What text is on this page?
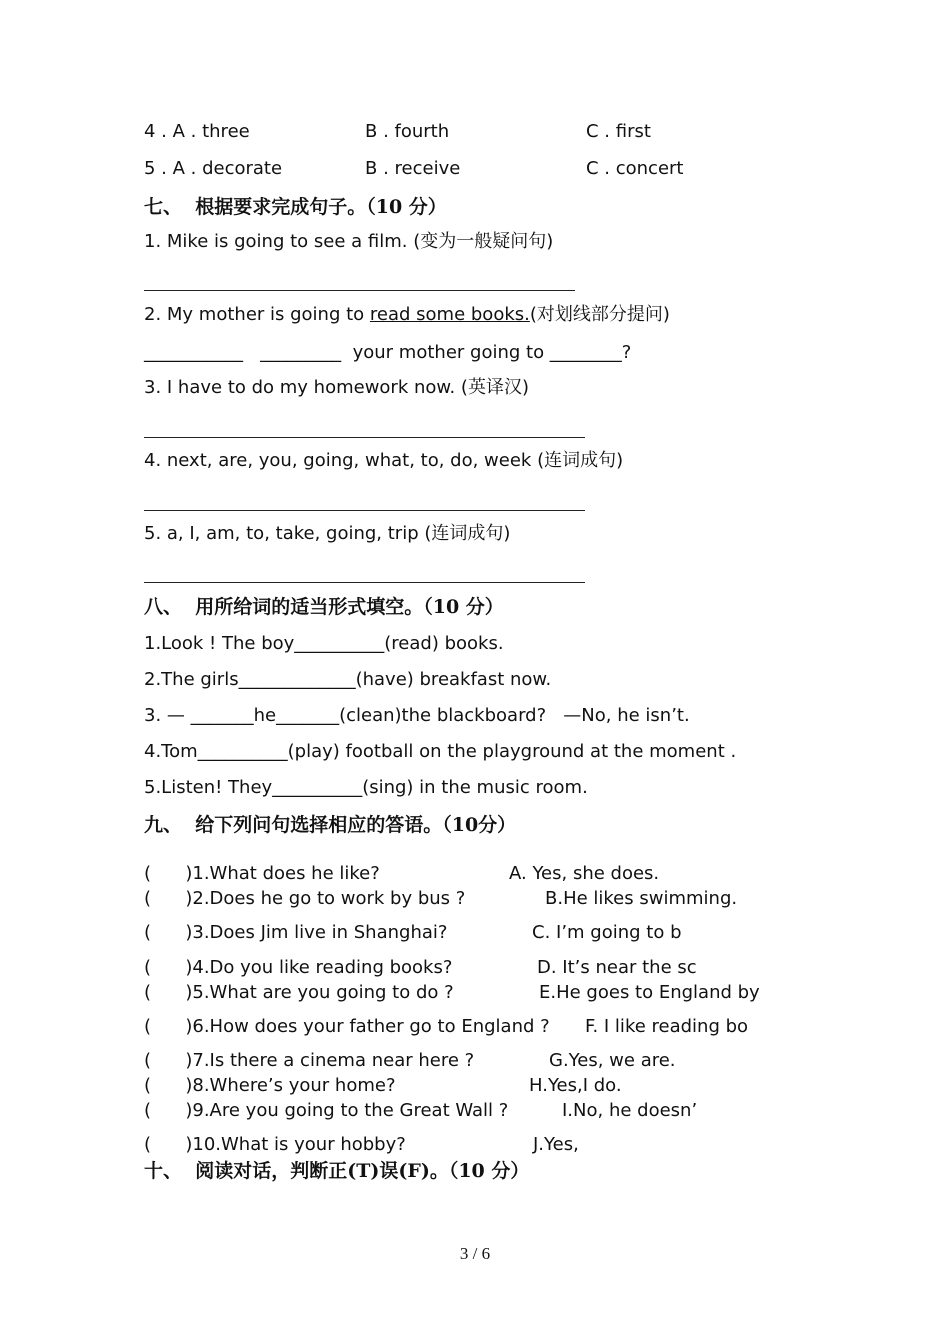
4 . A . three	B . fourth	C . first
5 . A . decorate	B . receive	C . concert
七、  根据要求完成句子。（10 分）
1. Mike is going to see a film. (变为一般疑问句)
2. My mother is going to read some books.(对划线部分提问)
___________   _________  your mother going to ________?
3. I have to do my homework now. (英译汉)
4. next, are, you, going, what, to, do, week (连词成句)
5. a, I, am, to, take, going, trip (连词成句)
八、  用所给词的适当形式填空。（10 分）
1.Look ! The boy__________(read) books.
2.The girls_____________(have) breakfast now.
3. — _______he_______(clean)the blackboard?   —No, he isn’t.
4.Tom__________(play) football on the playground at the moment .
5.Listen! They__________(sing) in the music room.
九、  给下列问句选择相应的答语。（10分）
(      )1.What does he like?	A. Yes, she does.
(      )2.Does he go to work by bus ?	B.He likes swimming.
(      )3.Does Jim live in Shanghai?	C. I’m going to b
(      )4.Do you like reading books?	D. It’s near the sc
(      )5.What are you going to do ?	E.He goes to England by
(      )6.How does your father go to England ? F. I like reading bo
(      )7.Is there a cinema near here ?	G.Yes, we are.
(      )8.Where’s your home?	H.Yes,I do.
(      )9.Are you going to the Great Wall ?	I.No, he doesn’
(      )10.What is your hobby?	J.Yes,
十、  阅读对话，判断正(T)误(F)。（10 分）
3 / 6
